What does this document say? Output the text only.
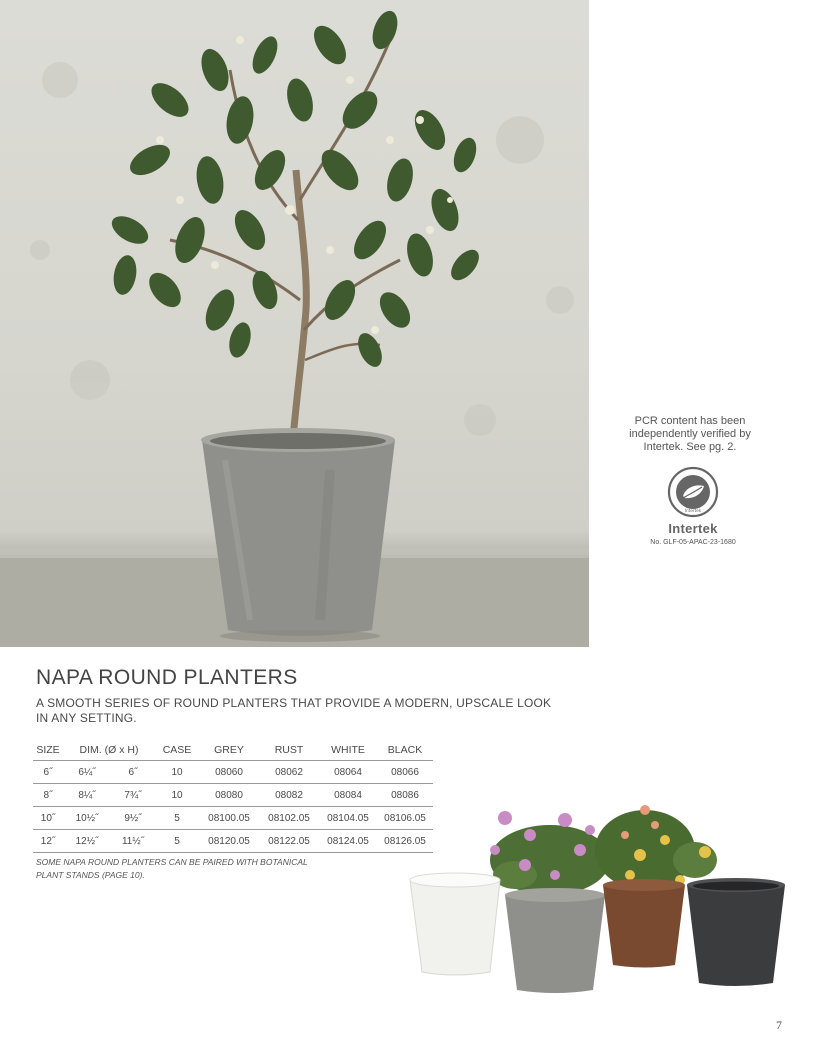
PCR content has been independently verified by Intertek. See pg. 2.

Intertek
Intertek
No. GLF-05-APAC-23-1680
NAPA ROUND PLANTERS

A SMOOTH SERIES OF ROUND PLANTERS THAT PROVIDE A MODERN, UPSCALE LOOK IN ANY SETTING.

SIZE	DIM. (Ø x H)		CASE	GREY	RUST	WHITE	BLACK
6˝	6¼˝	6˝	10	08060	08062	08064	08066
8˝	8¼˝	7¾˝	10	08080	08082	08084	08086
10˝	10½˝	9½˝	5	08100.05	08102.05	08104.05	08106.05
12˝	12½˝	11½˝	5	08120.05	08122.05	08124.05	08126.05

SOME NAPA ROUND PLANTERS CAN BE PAIRED WITH BOTANICAL PLANT STANDS (PAGE 10).

7
